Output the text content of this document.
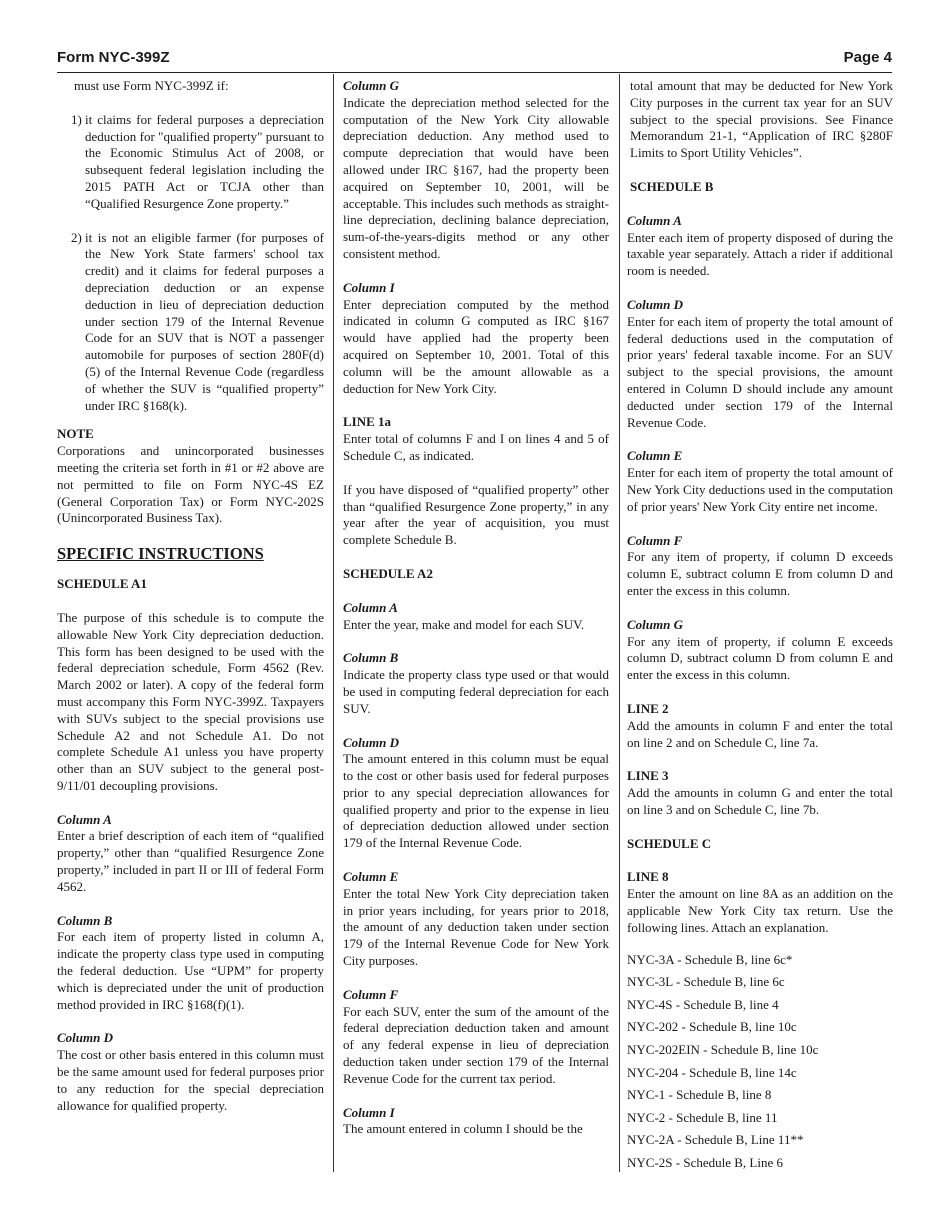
Form NYC-399Z	Page 4

must use Form NYC-399Z if:

1) it claims for federal purposes a depreciation deduction for "qualified property" pursuant to the Economic Stimulus Act of 2008, or subsequent federal legislation including the 2015 PATH Act or TCJA other than “Qualified Resurgence Zone property.”
2) it is not an eligible farmer (for purposes of the New York State farmers' school tax credit) and it claims for federal purposes a depreciation deduction or an expense deduction in lieu of depreciation deduction under section 179 of the Internal Revenue Code for an SUV that is NOT a passenger automobile for purposes of section 280F(d)(5) of the Internal Revenue Code (regardless of whether the SUV is “qualified property” under IRC §168(k).

NOTE

Corporations and unincorporated businesses meeting the criteria set forth in #1 or #2 above are not permitted to file on Form NYC-4S EZ (General Corporation Tax) or Form NYC-202S (Unincorporated Business Tax).

SPECIFIC INSTRUCTIONS

SCHEDULE A1

The purpose of this schedule is to compute the allowable New York City depreciation deduction. This form has been designed to be used with the federal depreciation schedule, Form 4562 (Rev. March 2002 or later). A copy of the federal form must accompany this Form NYC-399Z. Taxpayers with SUVs subject to the special provisions use Schedule A2 and not Schedule A1. Do not complete Schedule A1 unless you have property other than an SUV subject to the general post-9/11/01 decoupling provisions.

Column A

Enter a brief description of each item of “qualified property,” other than “qualified Resurgence Zone property,” included in part II or III of federal Form 4562.

Column B

For each item of property listed in column A, indicate the property class type used in computing the federal deduction. Use “UPM” for property which is depreciated under the unit of production method provided in IRC §168(f)(1).

Column D

The cost or other basis entered in this column must be the same amount used for federal purposes prior to any reduction for the special depreciation allowance for qualified property.

Column G

Indicate the depreciation method selected for the computation of the New York City allowable depreciation deduction. Any method used to compute depreciation that would have been allowed under IRC §167, had the property been acquired on September 10, 2001, will be acceptable. This includes such methods as straight-line depreciation, declining balance depreciation, sum-of-the-years-digits method or any other consistent method.

Column I

Enter depreciation computed by the method indicated in column G computed as IRC §167 would have applied had the property been acquired on September 10, 2001. Total of this column will be the amount allowable as a deduction for New York City.

LINE 1a

Enter total of columns F and I on lines 4 and 5 of Schedule C, as indicated.

If you have disposed of “qualified property” other than “qualified Resurgence Zone property,” in any year after the year of acquisition, you must complete Schedule B.

SCHEDULE A2

Column A

Enter the year, make and model for each SUV.

Column B

Indicate the property class type used or that would be used in computing federal depreciation for each SUV.

Column D

The amount entered in this column must be equal to the cost or other basis used for federal purposes prior to any special depreciation allowances for qualified property and prior to the expense in lieu of depreciation deduction allowed under section 179 of the Internal Revenue Code.

Column E

Enter the total New York City depreciation taken in prior years including, for years prior to 2018, the amount of any deduction taken under section 179 of the Internal Revenue Code for New York City purposes.

Column F

For each SUV, enter the sum of the amount of the federal depreciation deduction taken and amount of any federal expense in lieu of depreciation deduction taken under section 179 of the Internal Revenue Code for the current tax period.

Column I

The amount entered in column I should be the

total amount that may be deducted for New York City purposes in the current tax year for an SUV subject to the special provisions. See Finance Memorandum 21-1, “Application of IRC §280F Limits to Sport Utility Vehicles”.

SCHEDULE B

Column A

Enter each item of property disposed of during the taxable year separately. Attach a rider if additional room is needed.

Column D

Enter for each item of property the total amount of federal deductions used in the computation of prior years' federal taxable income. For an SUV subject to the special provisions, the amount entered in Column D should include any amount deducted under section 179 of the Internal Revenue Code.

Column E

Enter for each item of property the total amount of New York City deductions used in the computation of prior years' New York City entire net income.

Column F

For any item of property, if column D exceeds column E, subtract column E from column D and enter the excess in this column.

Column G

For any item of property, if column E exceeds column D, subtract column D from column E and enter the excess in this column.

LINE 2

Add the amounts in column F and enter the total on line 2 and on Schedule C, line 7a.

LINE 3

Add the amounts in column G and enter the total on line 3 and on Schedule C, line 7b.

SCHEDULE C

LINE 8

Enter the amount on line 8A as an addition on the applicable New York City tax return. Use the following lines. Attach an explanation.

NYC-3A - Schedule B, line 6c*

NYC-3L - Schedule B, line 6c

NYC-4S - Schedule B, line 4

NYC-202 - Schedule B, line 10c

NYC-202EIN - Schedule B, line 10c

NYC-204 - Schedule B, line 14c

NYC-1 - Schedule B, line 8

NYC-2 - Schedule B, line 11

NYC-2A - Schedule B, Line 11**

NYC-2S - Schedule B, Line 6
